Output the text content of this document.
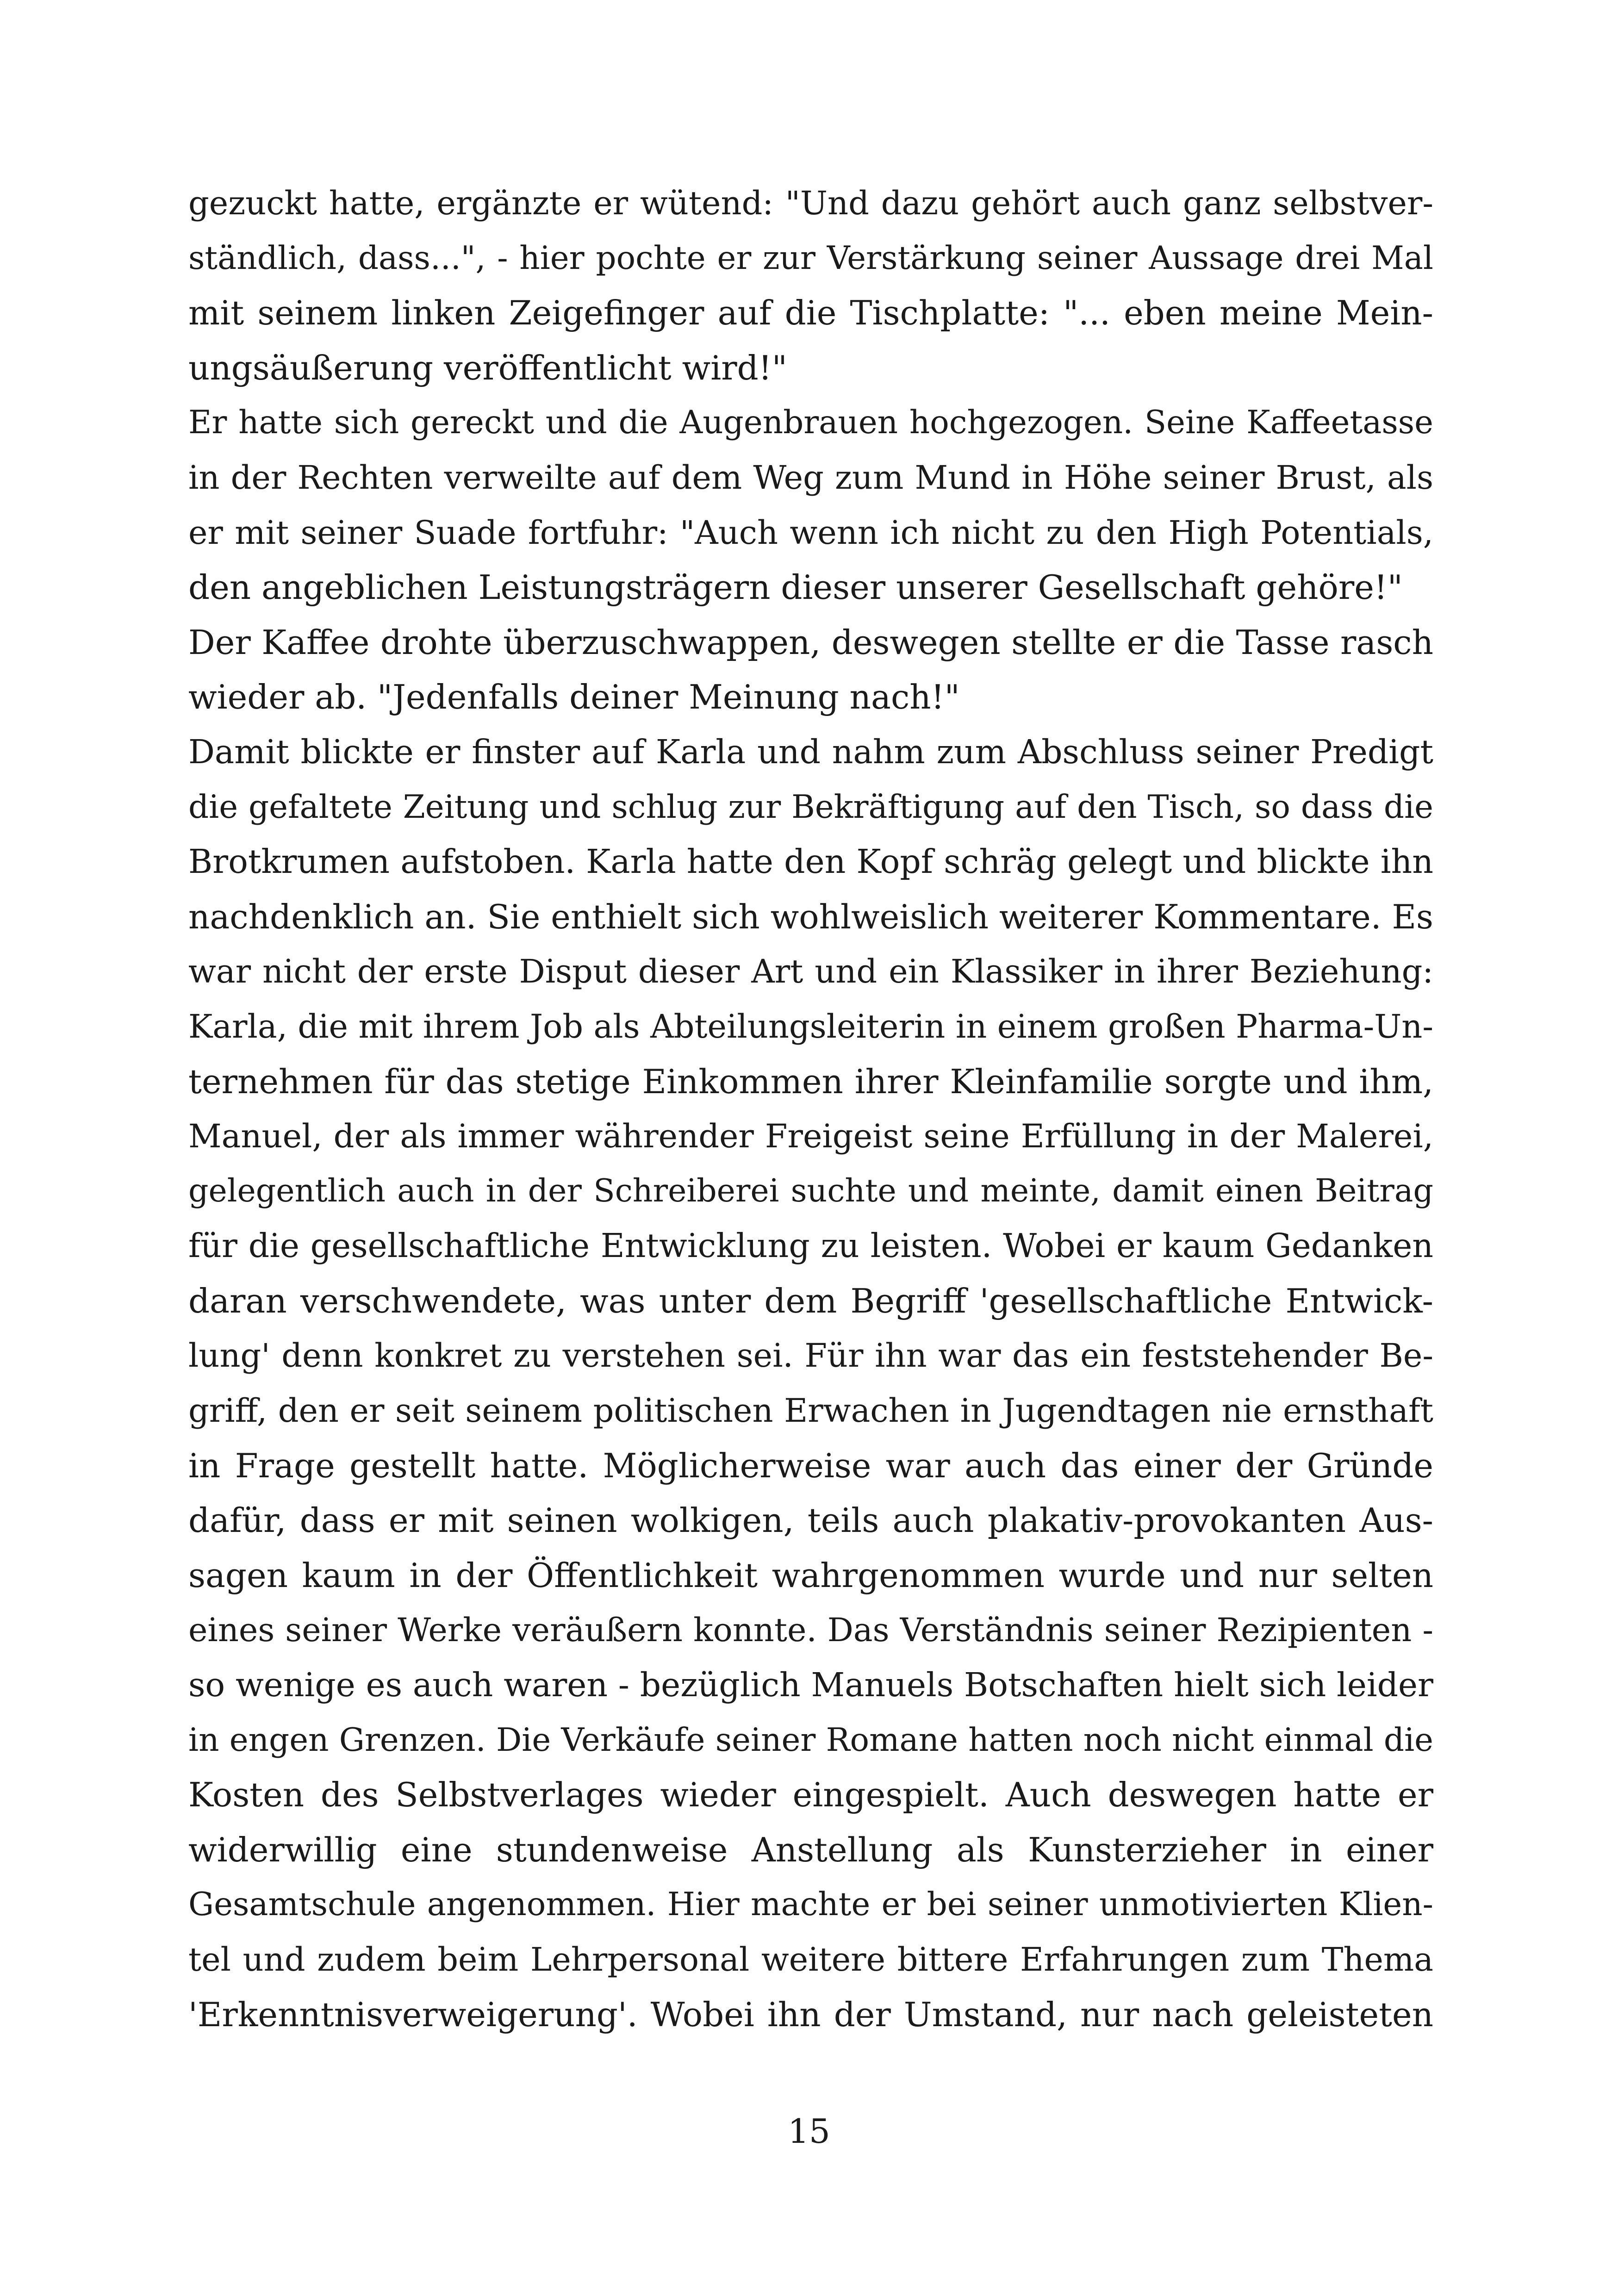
gezuckt hatte, ergänzte er wütend: "Und dazu gehört auch ganz selbstver-
ständlich, dass...", - hier pochte er zur Verstärkung seiner Aussage drei Mal
mit seinem linken Zeigefinger auf die Tischplatte: "... eben meine Mein-
ungsäußerung veröffentlicht wird!"
Er hatte sich gereckt und die Augenbrauen hochgezogen. Seine Kaffeetasse
in der Rechten verweilte auf dem Weg zum Mund in Höhe seiner Brust, als
er mit seiner Suade fortfuhr: "Auch wenn ich nicht zu den High Potentials,
den angeblichen Leistungsträgern dieser unserer Gesellschaft gehöre!"
Der Kaffee drohte überzuschwappen, deswegen stellte er die Tasse rasch
wieder ab. "Jedenfalls deiner Meinung nach!"
Damit blickte er finster auf Karla und nahm zum Abschluss seiner Predigt
die gefaltete Zeitung und schlug zur Bekräftigung auf den Tisch, so dass die
Brotkrumen aufstoben. Karla hatte den Kopf schräg gelegt und blickte ihn
nachdenklich an. Sie enthielt sich wohlweislich weiterer Kommentare. Es
war nicht der erste Disput dieser Art und ein Klassiker in ihrer Beziehung:
Karla, die mit ihrem Job als Abteilungsleiterin in einem großen Pharma-Un-
ternehmen für das stetige Einkommen ihrer Kleinfamilie sorgte und ihm,
Manuel, der als immer währender Freigeist seine Erfüllung in der Malerei,
gelegentlich auch in der Schreiberei suchte und meinte, damit einen Beitrag
für die gesellschaftliche Entwicklung zu leisten. Wobei er kaum Gedanken
daran verschwendete, was unter dem Begriff 'gesellschaftliche Entwick-
lung' denn konkret zu verstehen sei. Für ihn war das ein feststehender Be-
griff, den er seit seinem politischen Erwachen in Jugendtagen nie ernsthaft
in Frage gestellt hatte. Möglicherweise war auch das einer der Gründe
dafür, dass er mit seinen wolkigen, teils auch plakativ-provokanten Aus-
sagen kaum in der Öffentlichkeit wahrgenommen wurde und nur selten
eines seiner Werke veräußern konnte. Das Verständnis seiner Rezipienten -
so wenige es auch waren - bezüglich Manuels Botschaften hielt sich leider
in engen Grenzen. Die Verkäufe seiner Romane hatten noch nicht einmal die
Kosten des Selbstverlages wieder eingespielt. Auch deswegen hatte er
widerwillig eine stundenweise Anstellung als Kunsterzieher in einer
Gesamtschule angenommen. Hier machte er bei seiner unmotivierten Klien-
tel und zudem beim Lehrpersonal weitere bittere Erfahrungen zum Thema
'Erkenntnisverweigerung'. Wobei ihn der Umstand, nur nach geleisteten
15
